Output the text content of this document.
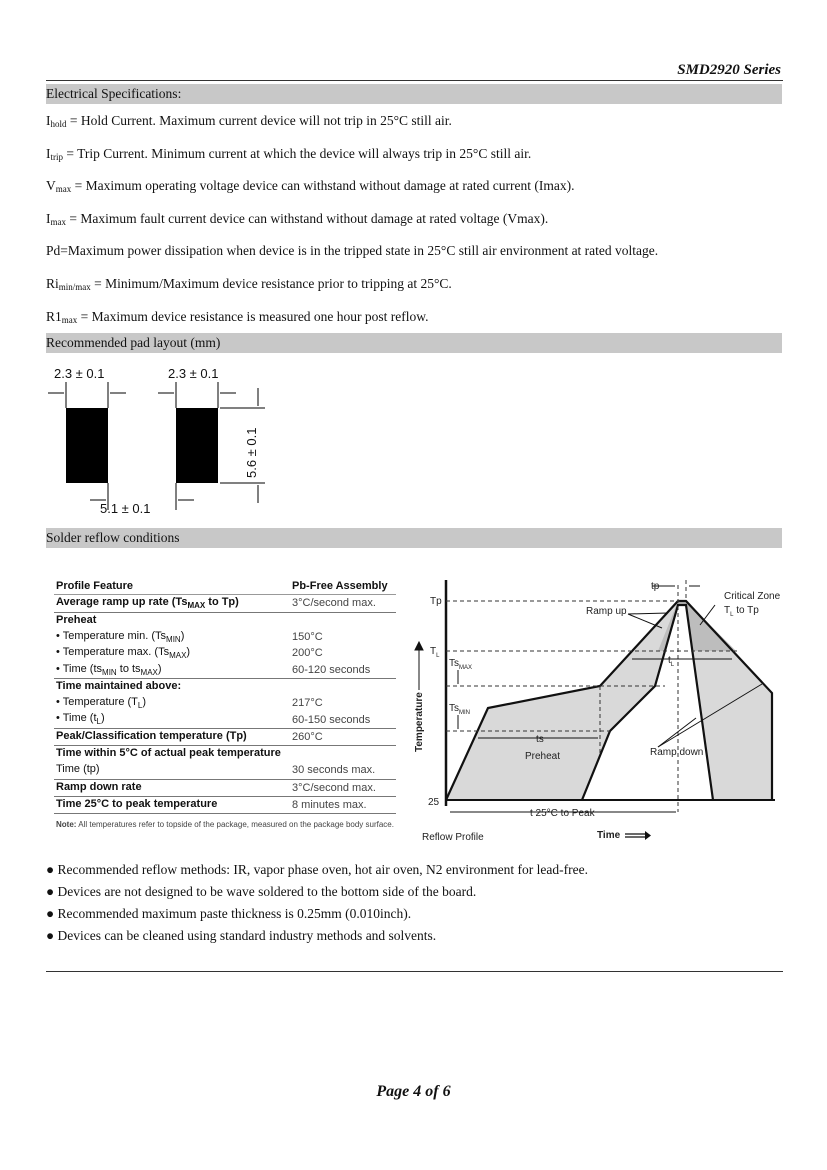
SMD2920 Series
Electrical Specifications:
$I_{hold}$ = Hold Current. Maximum current device will not trip in 25°C still air.
$I_{trip}$ = Trip Current. Minimum current at which the device will always trip in 25°C still air.
$V_{max}$ = Maximum operating voltage device can withstand without damage at rated current (Imax).
$I_{max}$ = Maximum fault current device can withstand without damage at rated voltage (Vmax).
Pd=Maximum power dissipation when device is in the tripped state in 25°C still air environment at rated voltage.
$Ri_{min/max}$ = Minimum/Maximum device resistance prior to tripping at 25°C.
$R1_{max}$ = Maximum device resistance is measured one hour post reflow.
Recommended pad layout (mm)
2.3 ± 0.1	2.3 ± 0.1
5.1 ± 0.1
5.6 ± 0.1
Solder reflow conditions
Profile Feature	Pb-Free Assembly
Average ramp up rate ($Ts_{MAX}$ to Tp)	3°C/second max.
Preheat	
• Temperature min. $(Ts_{MIN})$	150°C
• Temperature max. $(Ts_{MAX})$	200°C
• Time ($ts_{MIN}$ to $ts_{MAX}$)	60-120 seconds
Time maintained above:	
• Temperature $(T_L)$	217°C
• Time $(t_L)$	60-150 seconds
Peak/Classification temperature (Tp)	260°C
Time within 5°C of actual peak temperature	
Time (tp)	30 seconds max.
Ramp down rate	3°C/second max.
Time 25°C to peak temperature	8 minutes max.
Note: All temperatures refer to topside of the package, measured on the package body surface.
Tp
$T_L$
$Ts_{MAX}$
$Ts_{MIN}$
25
tp
Critical Zone
$T_L$ to Tp
Ramp up
Ramp down
$t_L$
ts
Preheat
t 25°C to Peak
Reflow Profile	Time
Temperature
● Recommended reflow methods: IR, vapor phase oven, hot air oven, N2 environment for lead-free.
● Devices are not designed to be wave soldered to the bottom side of the board.
● Recommended maximum paste thickness is 0.25mm (0.010inch).
● Devices can be cleaned using standard industry methods and solvents.
Page 4 of 6
